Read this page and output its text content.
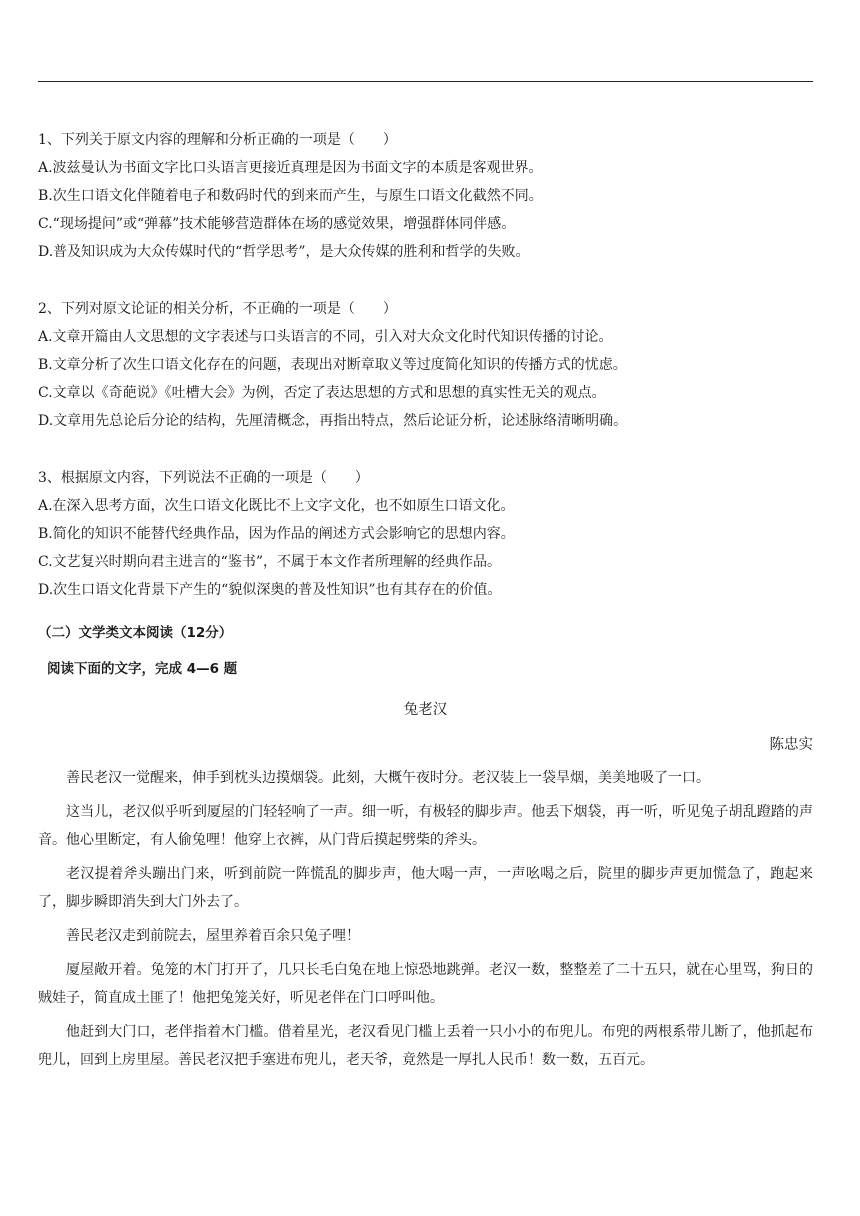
1、下列关于原文内容的理解和分析正确的一项是（　　）
A.波兹曼认为书面文字比口头语言更接近真理是因为书面文字的本质是客观世界。
B.次生口语文化伴随着电子和数码时代的到来而产生，与原生口语文化截然不同。
C.“现场提问”或“弹幕”技术能够营造群体在场的感觉效果，增强群体同伴感。
D.普及知识成为大众传媒时代的“哲学思考”，是大众传媒的胜利和哲学的失败。
2、下列对原文论证的相关分析，不正确的一项是（　　）
A.文章开篇由人文思想的文字表述与口头语言的不同，引入对大众文化时代知识传播的讨论。
B.文章分析了次生口语文化存在的问题，表现出对断章取义等过度简化知识的传播方式的忧虑。
C.文章以《奇葩说》《吐槽大会》为例，否定了表达思想的方式和思想的真实性无关的观点。
D.文章用先总论后分论的结构，先厘清概念，再指出特点，然后论证分析，论述脉络清晰明确。
3、根据原文内容，下列说法不正确的一项是（　　）
A.在深入思考方面，次生口语文化既比不上文字文化，也不如原生口语文化。
B.简化的知识不能替代经典作品，因为作品的阐述方式会影响它的思想内容。
C.文艺复兴时期向君主进言的“鉴书”，不属于本文作者所理解的经典作品。
D.次生口语文化背景下产生的“貌似深奥的普及性知识”也有其存在的价值。
（二）文学类文本阅读（12分）
阅读下面的文字，完成 4—6 题
兔老汉
陈忠实
善民老汉一觉醒来，伸手到枕头边摸烟袋。此刻，大概午夜时分。老汉装上一袋旱烟，美美地吸了一口。
这当儿，老汉似乎听到厦屋的门轻轻响了一声。细一听，有极轻的脚步声。他丢下烟袋，再一听，听见兔子胡乱蹬踏的声音。他心里断定，有人偷兔哩！他穿上衣裤，从门背后摸起劈柴的斧头。
老汉提着斧头蹦出门来，听到前院一阵慌乱的脚步声，他大喝一声，一声吆喝之后，院里的脚步声更加慌急了，跑起来了，脚步瞬即消失到大门外去了。
善民老汉走到前院去，屋里养着百余只兔子哩！
厦屋敞开着。兔笼的木门打开了，几只长毛白兔在地上惊恐地跳弹。老汉一数，整整差了二十五只，就在心里骂，狗日的贼娃子，简直成土匪了！他把兔笼关好，听见老伴在门口呼叫他。
他赶到大门口，老伴指着木门槛。借着星光，老汉看见门槛上丢着一只小小的布兜儿。布兜的两根系带儿断了，他抓起布兜儿，回到上房里屋。善民老汉把手塞进布兜儿，老天爷，竟然是一厚扎人民币！数一数，五百元。
